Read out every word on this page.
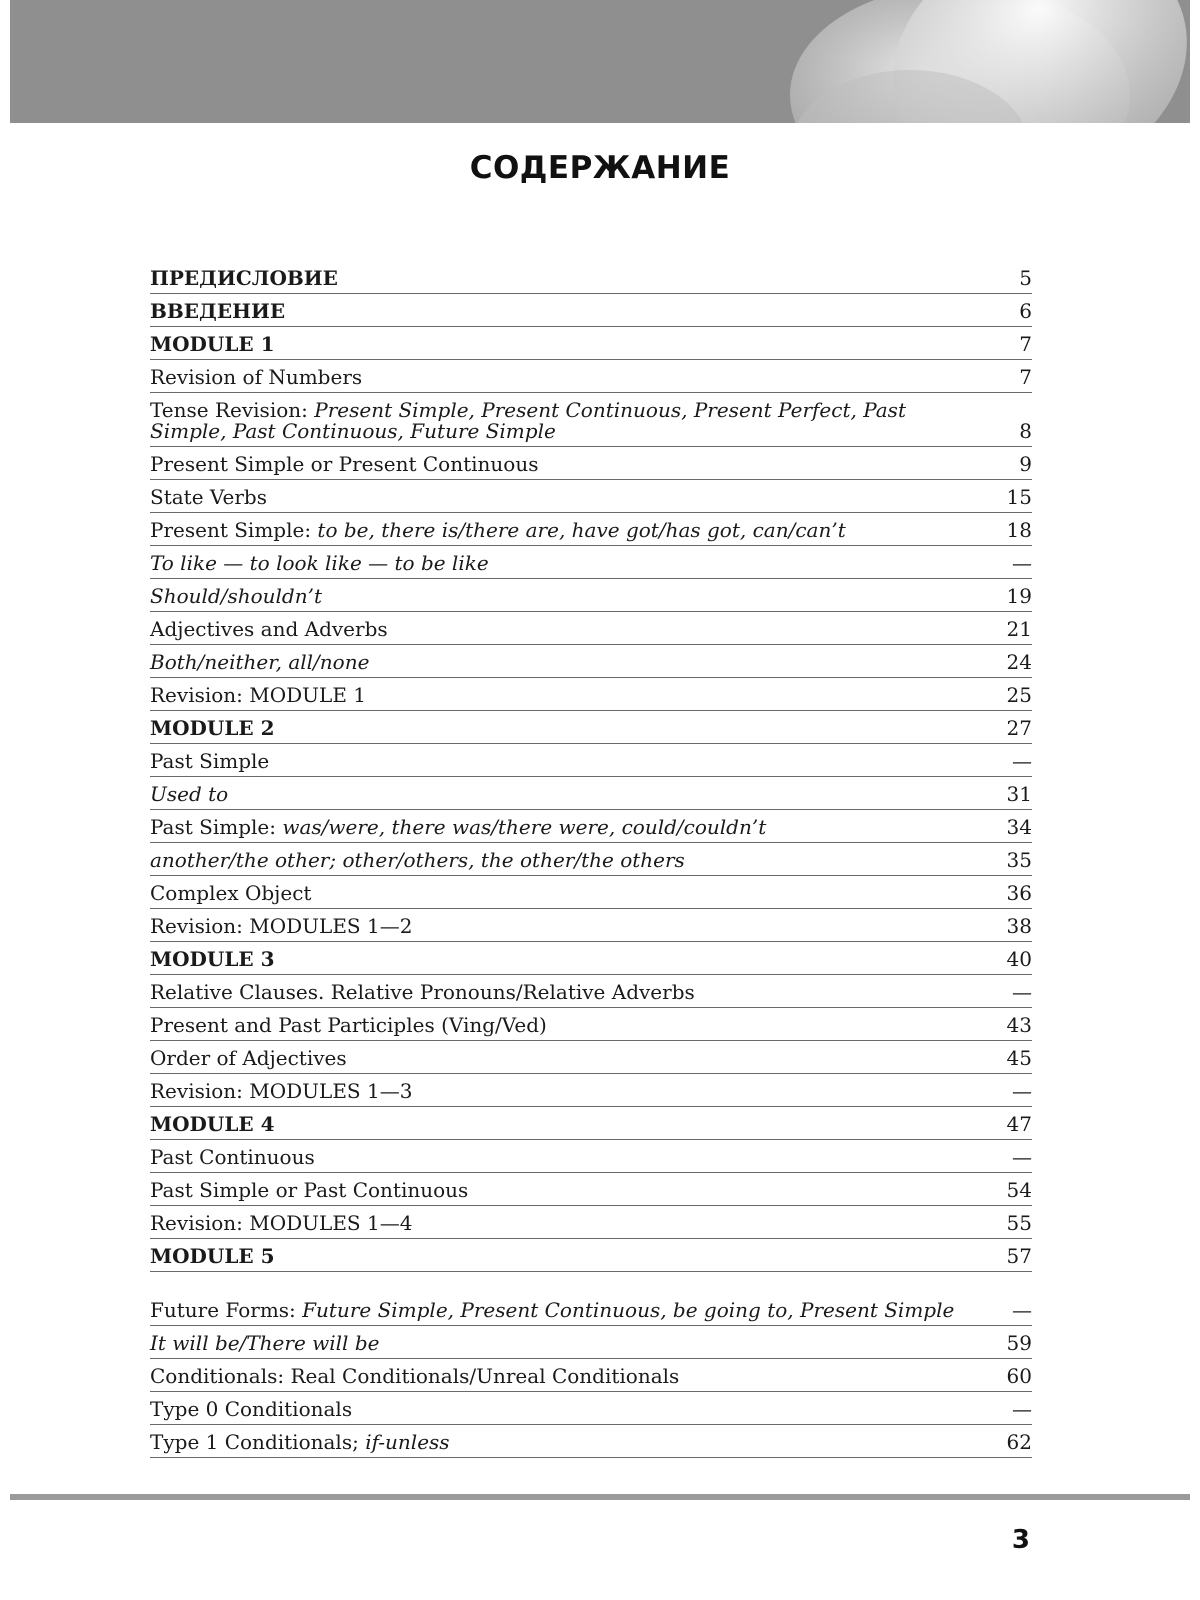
СОДЕРЖАНИЕ
ПРЕДИСЛОВИЕ	5
ВВЕДЕНИЕ	6
MODULE 1	7
Revision of Numbers	7
Tense Revision: Present Simple, Present Continuous, Present Perfect, Past Simple, Past Continuous, Future Simple	8
Present Simple or Present Continuous	9
State Verbs	15
Present Simple: to be, there is/there are, have got/has got, can/can’t	18
To like — to look like — to be like	—
Should/shouldn’t	19
Adjectives and Adverbs	21
Both/neither, all/none	24
Revision: MODULE 1	25
MODULE 2	27
Past Simple	—
Used to	31
Past Simple: was/were, there was/there were, could/couldn’t	34
another/the other; other/others, the other/the others	35
Complex Object	36
Revision: MODULES 1—2	38
MODULE 3	40
Relative Clauses. Relative Pronouns/Relative Adverbs	—
Present and Past Participles (Ving/Ved)	43
Order of Adjectives	45
Revision: MODULES 1—3	—
MODULE 4	47
Past Continuous	—
Past Simple or Past Continuous	54
Revision: MODULES 1—4	55
MODULE 5	57
Future Forms: Future Simple, Present Continuous, be going to, Present Simple	—
It will be/There will be	59
Conditionals: Real Conditionals/Unreal Conditionals	60
Type 0 Conditionals	—
Type 1 Conditionals; if-unless	62
3
